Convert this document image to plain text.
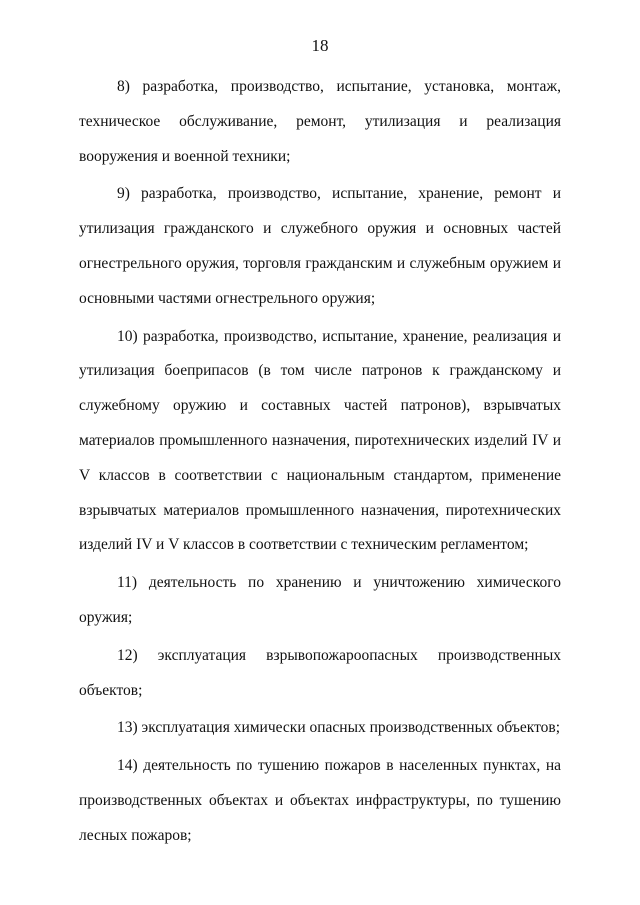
18

8) разработка, производство, испытание, установка, монтаж, техническое обслуживание, ремонт, утилизация и реализация вооружения и военной техники;

9) разработка, производство, испытание, хранение, ремонт и утилизация гражданского и служебного оружия и основных частей огнестрельного оружия, торговля гражданским и служебным оружием и основными частями огнестрельного оружия;

10) разработка, производство, испытание, хранение, реализация и утилизация боеприпасов (в том числе патронов к гражданскому и служебному оружию и составных частей патронов), взрывчатых материалов промышленного назначения, пиротехнических изделий IV и V классов в соответствии с национальным стандартом, применение взрывчатых материалов промышленного назначения, пиротехнических изделий IV и V классов в соответствии с техническим регламентом;

11) деятельность по хранению и уничтожению химического оружия;

12) эксплуатация взрывопожароопасных производственных объектов;

13) эксплуатация химически опасных производственных объектов;

14) деятельность по тушению пожаров в населенных пунктах, на производственных объектах и объектах инфраструктуры, по тушению лесных пожаров;
